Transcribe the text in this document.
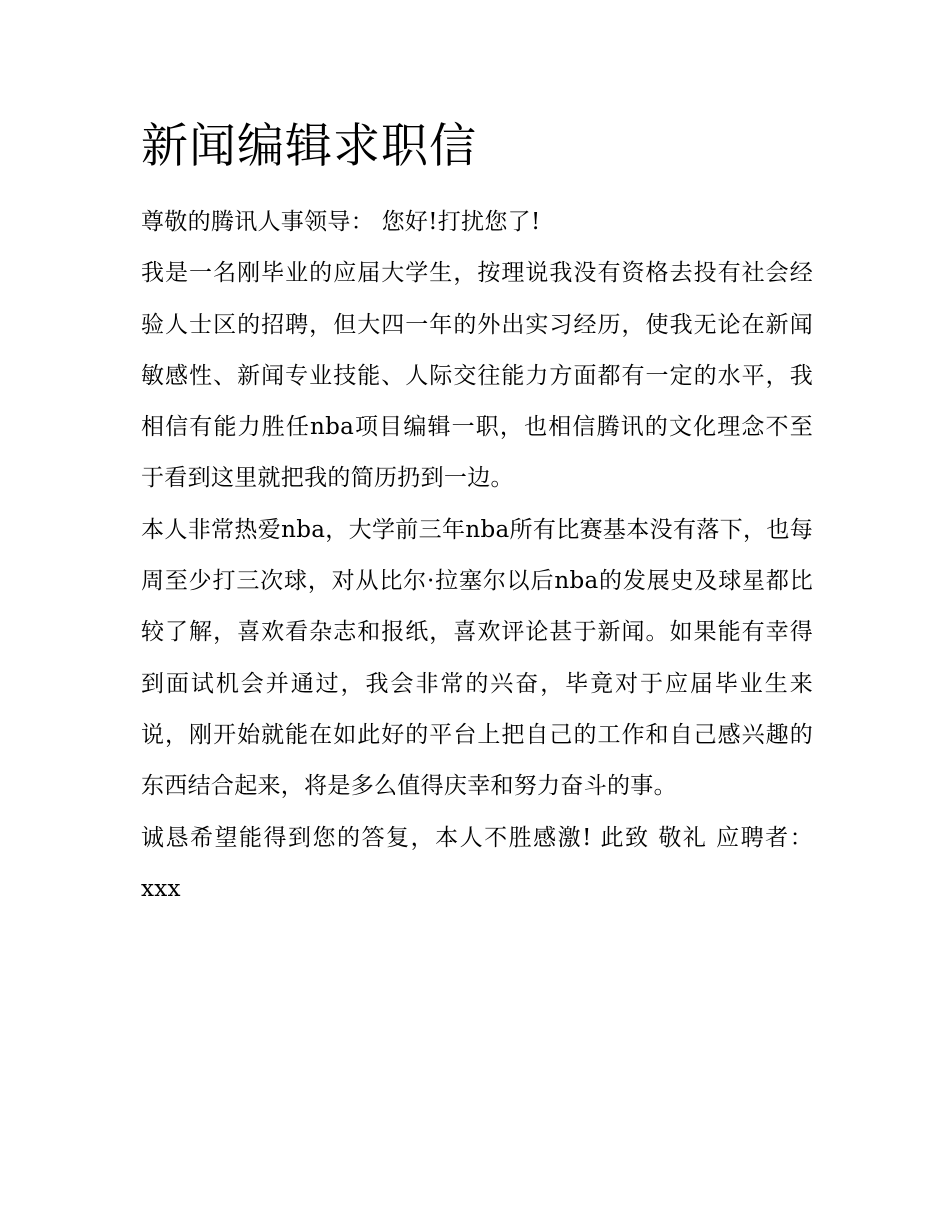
新闻编辑求职信

尊敬的腾讯人事领导： 您好!打扰您了!

我是一名刚毕业的应届大学生，按理说我没有资格去投有社会经验人士区的招聘，但大四一年的外出实习经历，使我无论在新闻敏感性、新闻专业技能、人际交往能力方面都有一定的水平，我相信有能力胜任nba项目编辑一职，也相信腾讯的文化理念不至于看到这里就把我的简历扔到一边。

本人非常热爱nba，大学前三年nba所有比赛基本没有落下，也每周至少打三次球，对从比尔·拉塞尔以后nba的发展史及球星都比较了解，喜欢看杂志和报纸，喜欢评论甚于新闻。如果能有幸得到面试机会并通过，我会非常的兴奋，毕竟对于应届毕业生来说，刚开始就能在如此好的平台上把自己的工作和自己感兴趣的东西结合起来，将是多么值得庆幸和努力奋斗的事。

诚恳希望能得到您的答复，本人不胜感激! 此致 敬礼 应聘者：xxx
